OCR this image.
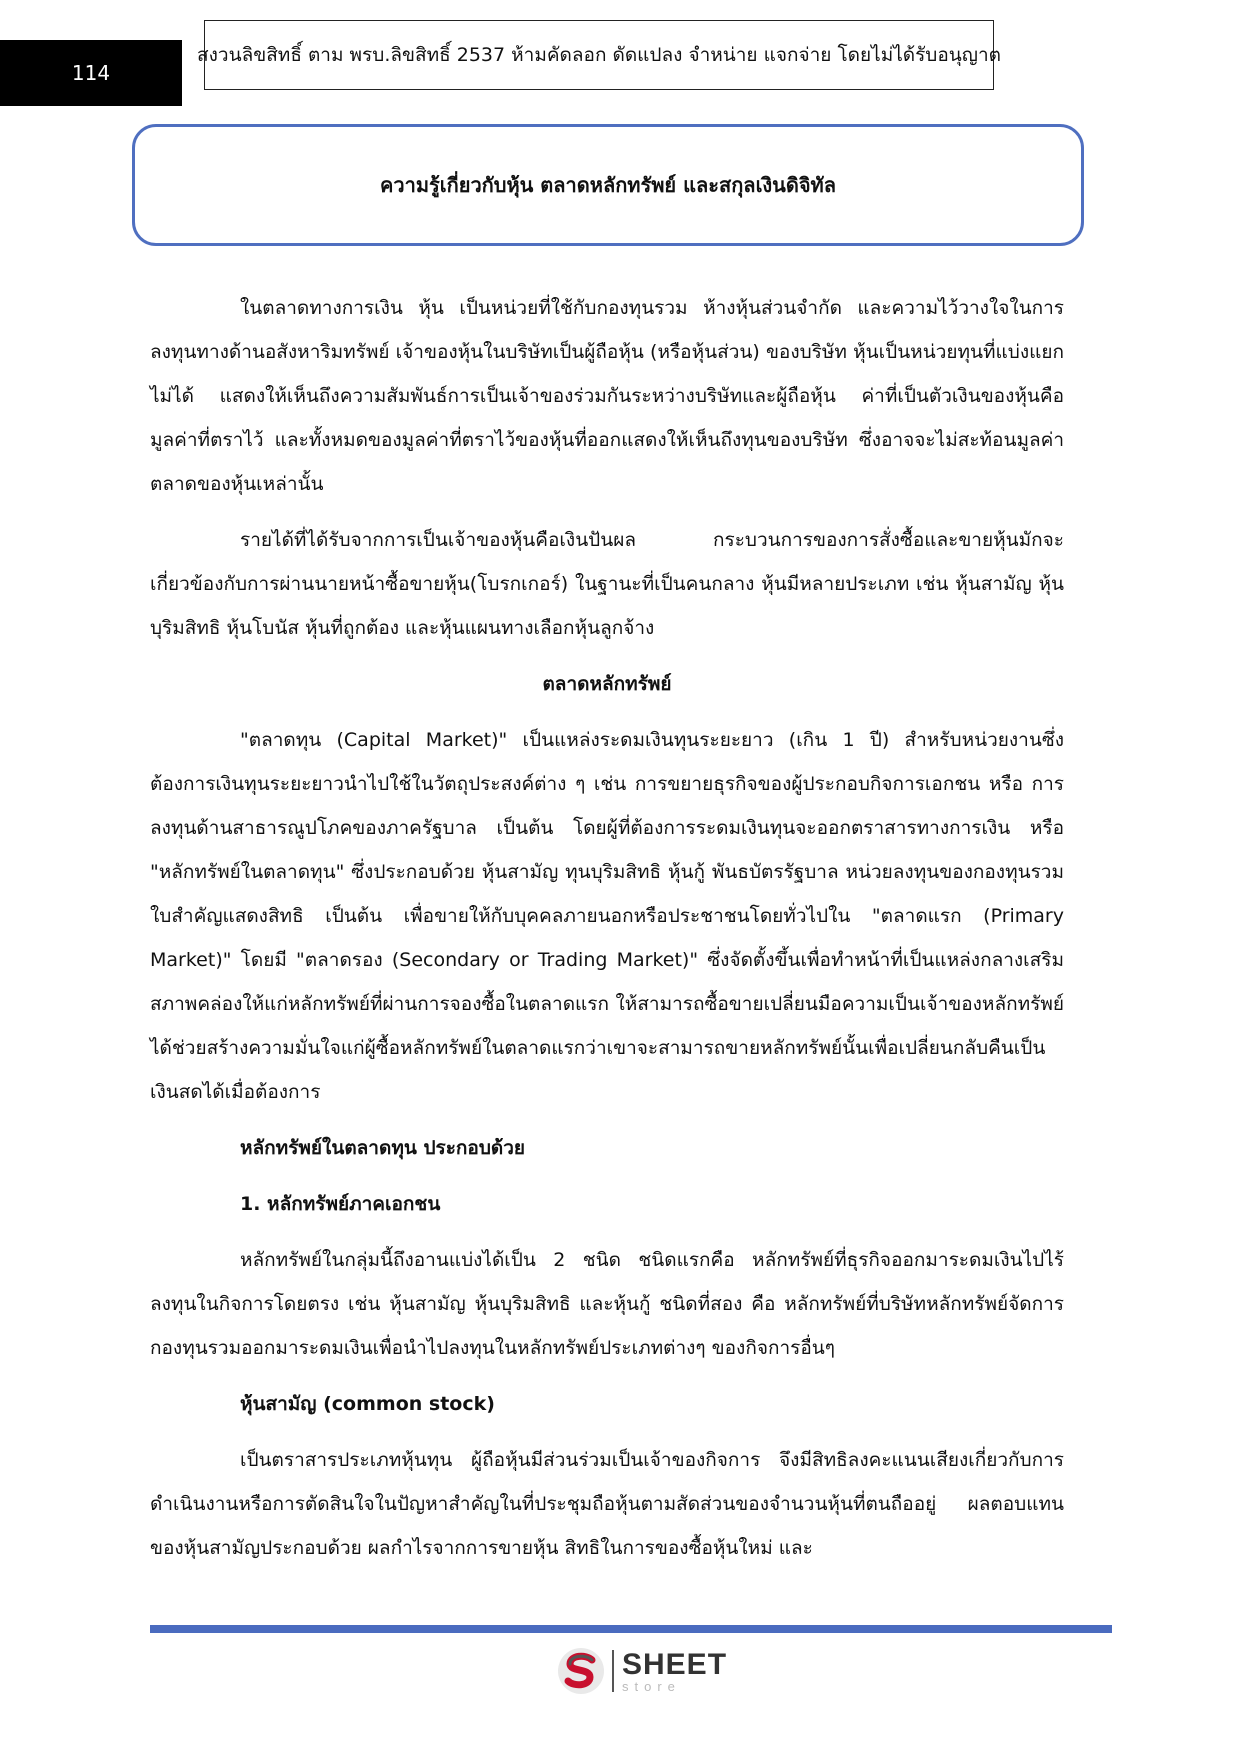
114
สงวนลิขสิทธิ์ ตาม พรบ.ลิขสิทธิ์ 2537 ห้ามคัดลอก ดัดแปลง จำหน่าย แจกจ่าย โดยไม่ได้รับอนุญาต
ความรู้เกี่ยวกับหุ้น ตลาดหลักทรัพย์ และสกุลเงินดิจิทัล

ในตลาดทางการเงิน หุ้น เป็นหน่วยที่ใช้กับกองทุนรวม ห้างหุ้นส่วนจำกัด และความไว้วางใจในการลงทุนทางด้านอสังหาริมทรัพย์ เจ้าของหุ้นในบริษัทเป็นผู้ถือหุ้น (หรือหุ้นส่วน) ของบริษัท หุ้นเป็นหน่วยทุนที่แบ่งแยกไม่ได้ แสดงให้เห็นถึงความสัมพันธ์การเป็นเจ้าของร่วมกันระหว่างบริษัทและผู้ถือหุ้น ค่าที่เป็นตัวเงินของหุ้นคือมูลค่าที่ตราไว้ และทั้งหมดของมูลค่าที่ตราไว้ของหุ้นที่ออกแสดงให้เห็นถึงทุนของบริษัท ซึ่งอาจจะไม่สะท้อนมูลค่าตลาดของหุ้นเหล่านั้น

รายได้ที่ได้รับจากการเป็นเจ้าของหุ้นคือเงินปันผล กระบวนการของการสั่งซื้อและขายหุ้นมักจะเกี่ยวข้องกับการผ่านนายหน้าซื้อขายหุ้น(โบรกเกอร์) ในฐานะที่เป็นคนกลาง หุ้นมีหลายประเภท เช่น หุ้นสามัญ หุ้นบุริมสิทธิ หุ้นโบนัส หุ้นที่ถูกต้อง และหุ้นแผนทางเลือกหุ้นลูกจ้าง

ตลาดหลักทรัพย์

"ตลาดทุน (Capital Market)" เป็นแหล่งระดมเงินทุนระยะยาว (เกิน 1 ปี) สำหรับหน่วยงานซึ่งต้องการเงินทุนระยะยาวนำไปใช้ในวัตถุประสงค์ต่าง ๆ เช่น การขยายธุรกิจของผู้ประกอบกิจการเอกชน หรือ การลงทุนด้านสาธารณูปโภคของภาครัฐบาล เป็นต้น โดยผู้ที่ต้องการระดมเงินทุนจะออกตราสารทางการเงิน หรือ "หลักทรัพย์ในตลาดทุน" ซึ่งประกอบด้วย หุ้นสามัญ ทุนบุริมสิทธิ หุ้นกู้ พันธบัตรรัฐบาล หน่วยลงทุนของกองทุนรวม ใบสำคัญแสดงสิทธิ เป็นต้น เพื่อขายให้กับบุคคลภายนอกหรือประชาชนโดยทั่วไปใน "ตลาดแรก (Primary Market)" โดยมี "ตลาดรอง (Secondary or Trading Market)" ซึ่งจัดตั้งขึ้นเพื่อทำหน้าที่เป็นแหล่งกลางเสริมสภาพคล่องให้แก่หลักทรัพย์ที่ผ่านการจองซื้อในตลาดแรก ให้สามารถซื้อขายเปลี่ยนมือความเป็นเจ้าของหลักทรัพย์ได้ช่วยสร้างความมั่นใจแก่ผู้ซื้อหลักทรัพย์ในตลาดแรกว่าเขาจะสามารถขายหลักทรัพย์นั้นเพื่อเปลี่ยนกลับคืนเป็นเงินสดได้เมื่อต้องการ

หลักทรัพย์ในตลาดทุน ประกอบด้วย
1. หลักทรัพย์ภาคเอกชน

หลักทรัพย์ในกลุ่มนี้ถึงอานแบ่งได้เป็น 2 ชนิด ชนิดแรกคือ หลักทรัพย์ที่ธุรกิจออกมาระดมเงินไปไร้ลงทุนในกิจการโดยตรง เช่น หุ้นสามัญ หุ้นบุริมสิทธิ และหุ้นกู้ ชนิดที่สอง คือ หลักทรัพย์ที่บริษัทหลักทรัพย์จัดการกองทุนรวมออกมาระดมเงินเพื่อนำไปลงทุนในหลักทรัพย์ประเภทต่างๆ ของกิจการอื่นๆ

หุ้นสามัญ (common stock)

เป็นตราสารประเภทหุ้นทุน ผู้ถือหุ้นมีส่วนร่วมเป็นเจ้าของกิจการ จึงมีสิทธิลงคะแนนเสียงเกี่ยวกับการดำเนินงานหรือการตัดสินใจในปัญหาสำคัญในที่ประชุมถือหุ้นตามสัดส่วนของจำนวนหุ้นที่ตนถืออยู่ ผลตอบแทนของหุ้นสามัญประกอบด้วย ผลกำไรจากการขายหุ้น สิทธิในการของซื้อหุ้นใหม่ และ

SHEET
store
